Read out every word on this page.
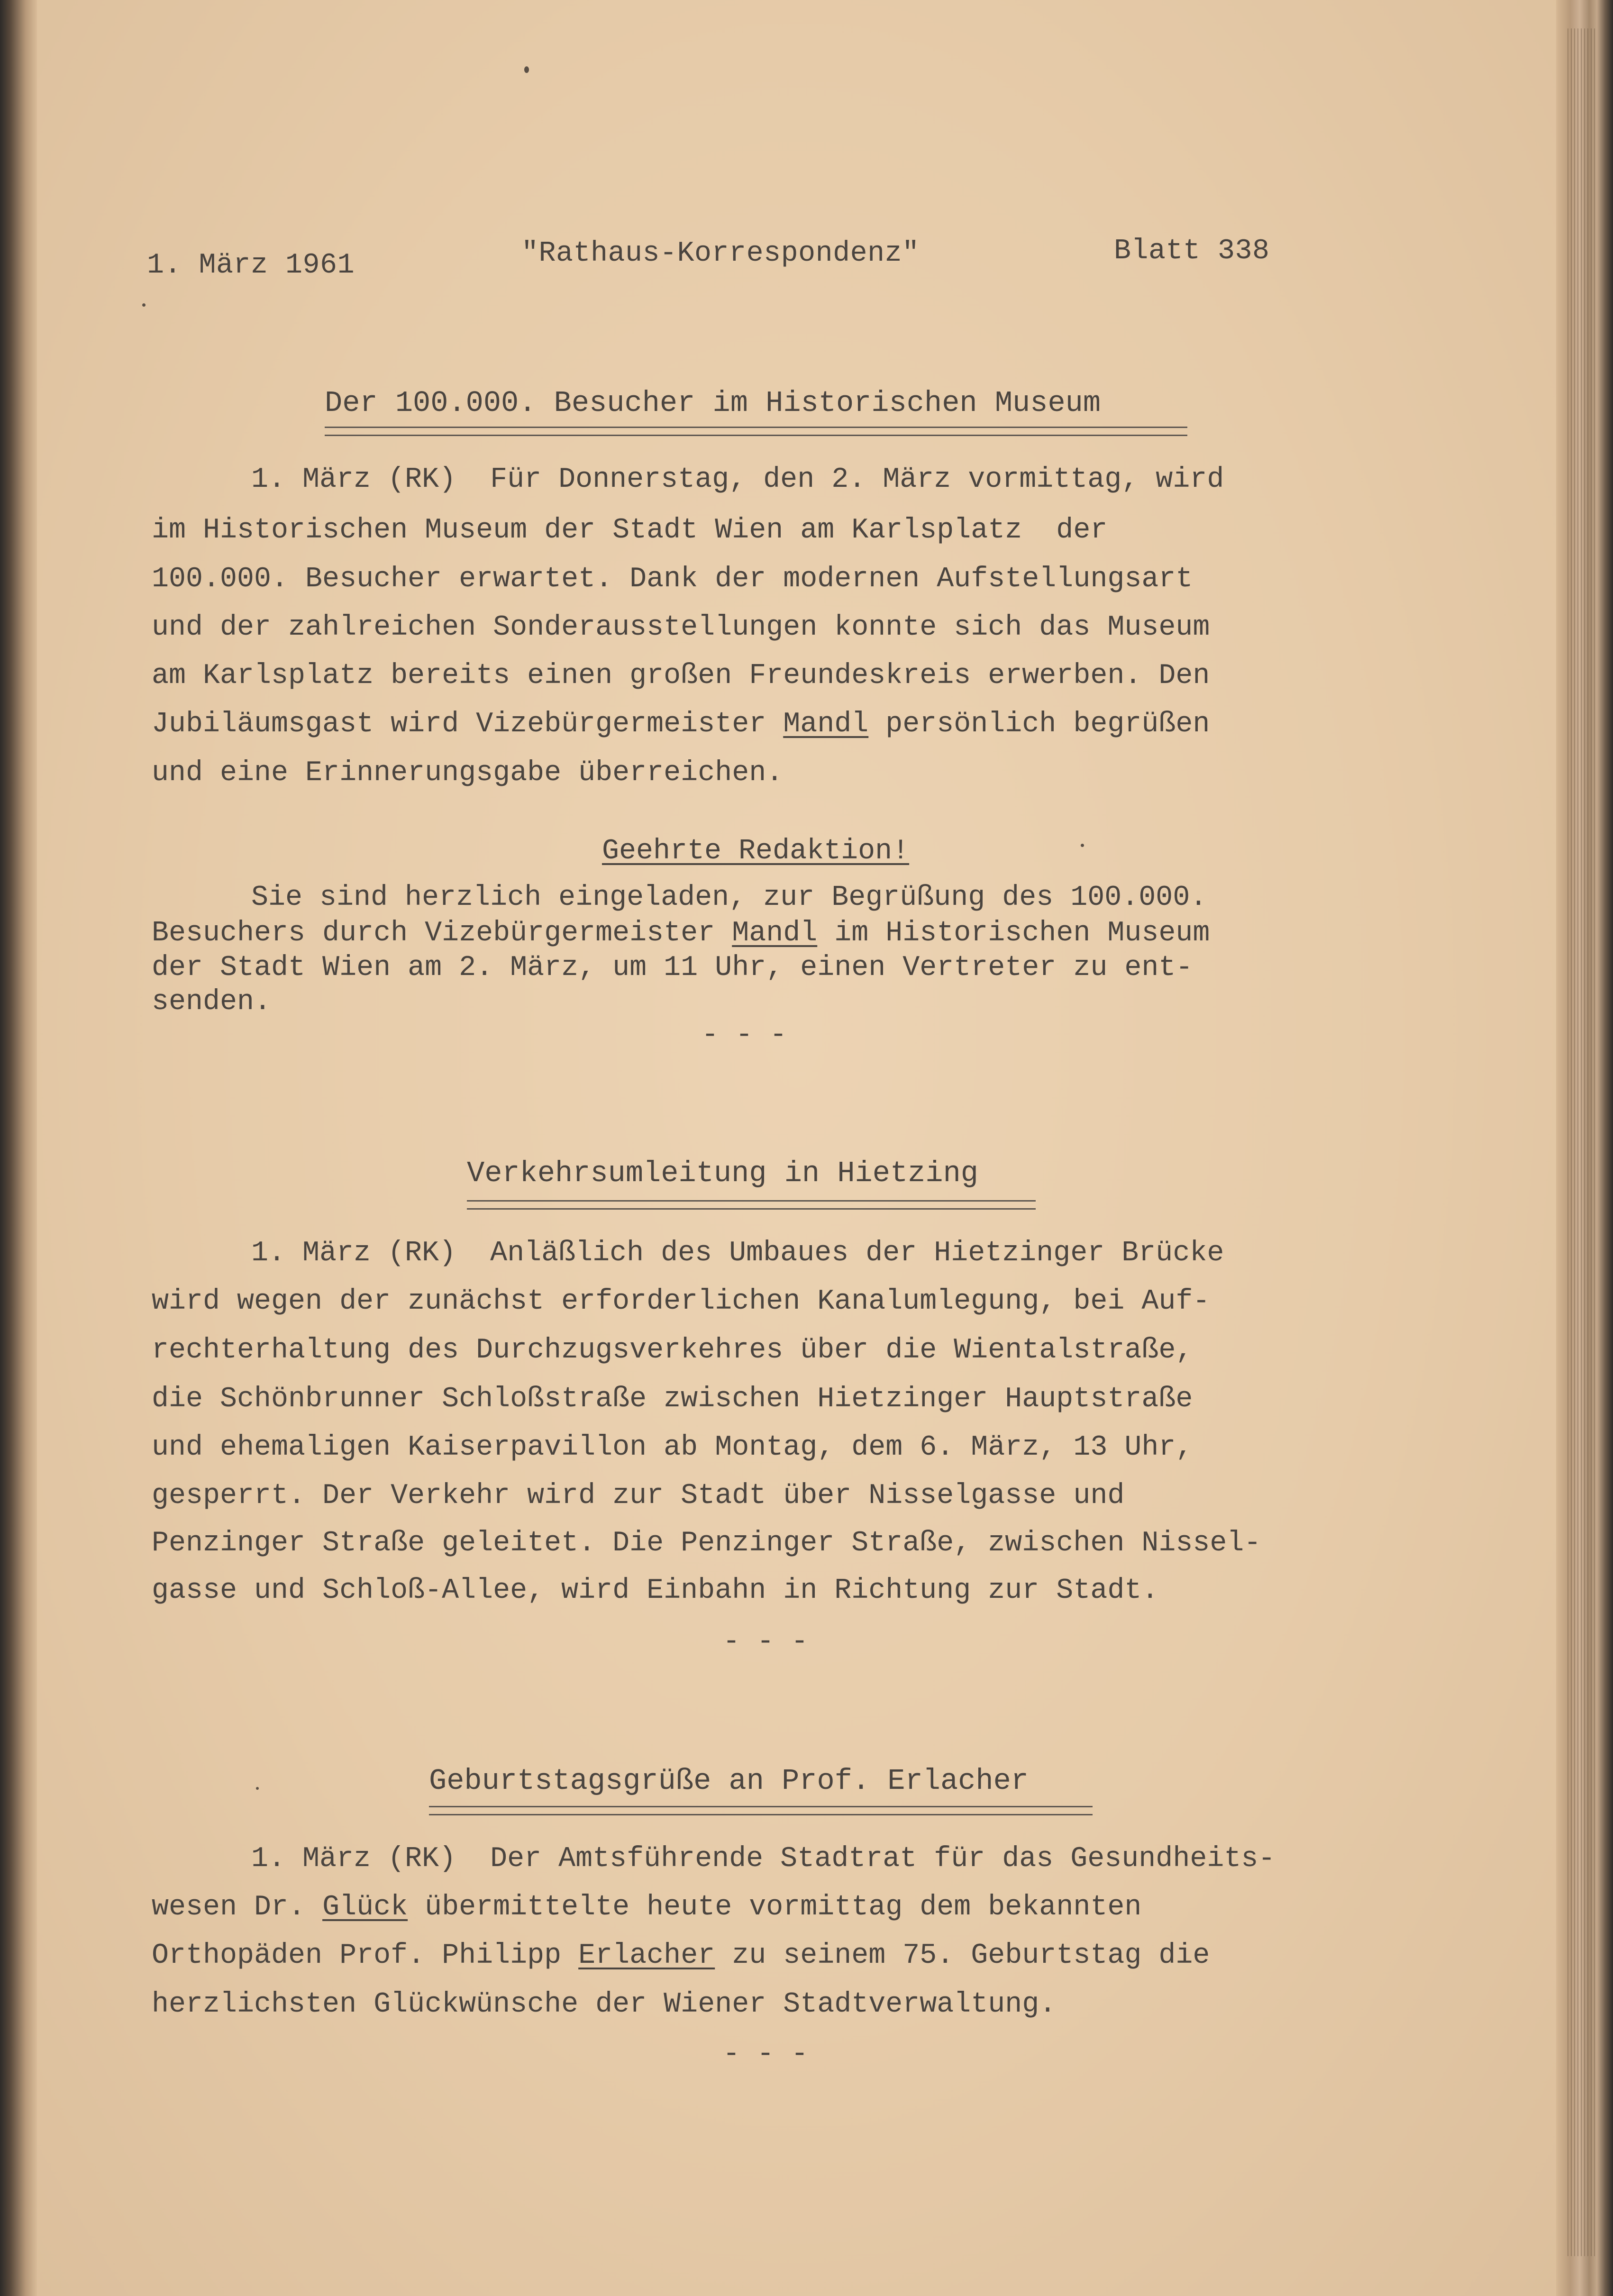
1. März 1961	"Rathaus-Korrespondenz"	Blatt 338
Der 100.000. Besucher im Historischen Museum
1. März (RK)  Für Donnerstag, den 2. März vormittag, wird
im Historischen Museum der Stadt Wien am Karlsplatz  der
100.000. Besucher erwartet. Dank der modernen Aufstellungsart
und der zahlreichen Sonderausstellungen konnte sich das Museum
am Karlsplatz bereits einen großen Freundeskreis erwerben. Den
Jubiläumsgast wird Vizebürgermeister Mandl persönlich begrüßen
und eine Erinnerungsgabe überreichen.
Geehrte Redaktion!
Sie sind herzlich eingeladen, zur Begrüßung des 100.000.
Besuchers durch Vizebürgermeister Mandl im Historischen Museum
der Stadt Wien am 2. März, um 11 Uhr, einen Vertreter zu ent-
senden.
- - -
Verkehrsumleitung in Hietzing
1. März (RK)  Anläßlich des Umbaues der Hietzinger Brücke
wird wegen der zunächst erforderlichen Kanalumlegung, bei Auf-
rechterhaltung des Durchzugsverkehres über die Wientalstraße,
die Schönbrunner Schloßstraße zwischen Hietzinger Hauptstraße
und ehemaligen Kaiserpavillon ab Montag, dem 6. März, 13 Uhr,
gesperrt. Der Verkehr wird zur Stadt über Nisselgasse und
Penzinger Straße geleitet. Die Penzinger Straße, zwischen Nissel-
gasse und Schloß-Allee, wird Einbahn in Richtung zur Stadt.
- - -
Geburtstagsgrüße an Prof. Erlacher
1. März (RK)  Der Amtsführende Stadtrat für das Gesundheits-
wesen Dr. Glück übermittelte heute vormittag dem bekannten
Orthopäden Prof. Philipp Erlacher zu seinem 75. Geburtstag die
herzlichsten Glückwünsche der Wiener Stadtverwaltung.
- - -
